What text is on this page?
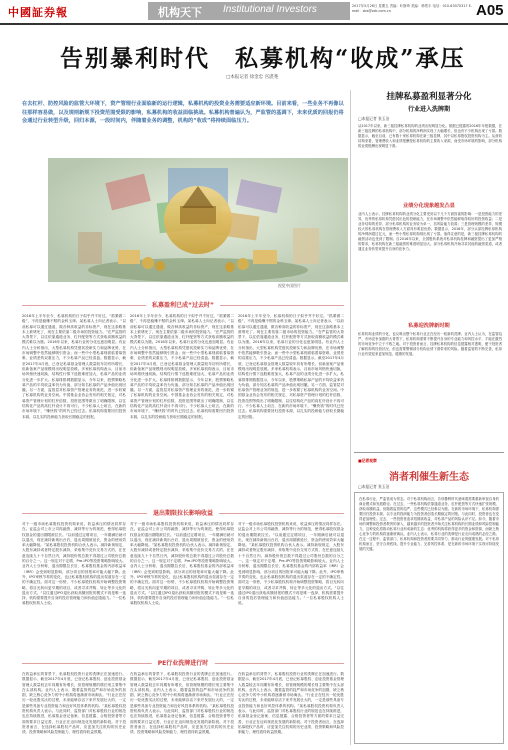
中國証券報	机构天下 Institutional Investors	2017年5月26日 星期五 责编：叶斯琦 美编：韩景丰 电话：010-63070317 E-mail：zbs@zzb.com.cn	A05
告别暴利时代　私募机构“收成”承压
□本报记者 徐金忠 宫湛荛
在去杠杆、防控风险的监管大环境下，资产管理行业面临新的运行逻辑，私募机构的投资业务需要适应新环境。目前来看，一些业务不再像以往那样容易做，以及规则新规下投资范围受限的影响，私募机构的收益面临挑战。私募机构普遍认为，严监管的基调下，未来优质的回报仍将会通过行业转型升级，回归本源，一段时间内，伴随着业务的调整，机构的“收成”将持续面临压力。
视觉中国图片
私募盈利已成“过去时”
2016年上半年至今，私募机构的日子似乎并不好过。“抓紧做二级”，不再是稳赚不赔的金科玉律。某私募人士向记者表示，“以前私募可以通过通道，做各种高收益的非标资产，现在这条路基本上被堵死了，现在主要依靠二级市场的投资能力。”在严监管的大背景下，以往依靠通道业务、杠杆配资等方式获取高额收益的模式难以为继。2016年以来，私募行业的分化也愈加明显。有业内人士分析指出，大型私募机构凭借其投研实力和品牌优势，在市场调整中依然能够吸引资金；而一些中小型私募则面临着募资难、业绩差的双重压力，不少私募产品已经清盘。数据显示，截至2017年4月底，已登记私募基金管理人数量较年初有所增长，但新备案产品规模则出现明显放缓。多家私募机构表示，目前市场风格快速切换，结构性行情下选股难度加大，私募产品的业绩分化进一步扩大。私募排排网数据显示，今年以来，股票策略私募产品的平均收益率仍为负值，部分知名私募的产品净值出现回撤。另一方面，监管层对私募资产管理业务的规范，进一步收紧了私募机构的业务空间。中国基金业协会发布的相关规定，对私募资产管理计划的杠杆倍数、投资范围等做出了明确限制，以往结构化产品的高杠杆设计不再可行。不少私募人士坦言，在新的市场环境下，“赚快钱”的时代已经过去。私募机构需要回归投资本源，以扎实的投研能力获取长期稳定的回报。
2016年上半年至今，私募机构的日子似乎并不好过。“抓紧做二级”，不再是稳赚不赔的金科玉律。某私募人士向记者表示，“以前私募可以通过通道，做各种高收益的非标资产，现在这条路基本上被堵死了，现在主要依靠二级市场的投资能力。”在严监管的大背景下，以往依靠通道业务、杠杆配资等方式获取高额收益的模式难以为继。2016年以来，私募行业的分化也愈加明显。有业内人士分析指出，大型私募机构凭借其投研实力和品牌优势，在市场调整中依然能够吸引资金；而一些中小型私募则面临着募资难、业绩差的双重压力，不少私募产品已经清盘。数据显示，截至2017年4月底，已登记私募基金管理人数量较年初有所增长，但新备案产品规模则出现明显放缓。多家私募机构表示，目前市场风格快速切换，结构性行情下选股难度加大，私募产品的业绩分化进一步扩大。私募排排网数据显示，今年以来，股票策略私募产品的平均收益率仍为负值，部分知名私募的产品净值出现回撤。另一方面，监管层对私募资产管理业务的规范，进一步收紧了私募机构的业务空间。中国基金业协会发布的相关规定，对私募资产管理计划的杠杆倍数、投资范围等做出了明确限制，以往结构化产品的高杠杆设计不再可行。不少私募人士坦言，在新的市场环境下，“赚快钱”的时代已经过去。私募机构需要回归投资本源，以扎实的投研能力获取长期稳定的回报。
2016年上半年至今，私募机构的日子似乎并不好过。“抓紧做二级”，不再是稳赚不赔的金科玉律。某私募人士向记者表示，“以前私募可以通过通道，做各种高收益的非标资产，现在这条路基本上被堵死了，现在主要依靠二级市场的投资能力。”在严监管的大背景下，以往依靠通道业务、杠杆配资等方式获取高额收益的模式难以为继。2016年以来，私募行业的分化也愈加明显。有业内人士分析指出，大型私募机构凭借其投研实力和品牌优势，在市场调整中依然能够吸引资金；而一些中小型私募则面临着募资难、业绩差的双重压力，不少私募产品已经清盘。数据显示，截至2017年4月底，已登记私募基金管理人数量较年初有所增长，但新备案产品规模则出现明显放缓。多家私募机构表示，目前市场风格快速切换，结构性行情下选股难度加大，私募产品的业绩分化进一步扩大。私募排排网数据显示，今年以来，股票策略私募产品的平均收益率仍为负值，部分知名私募的产品净值出现回撤。另一方面，监管层对私募资产管理业务的规范，进一步收紧了私募机构的业务空间。中国基金业协会发布的相关规定，对私募资产管理计划的杠杆倍数、投资范围等做出了明确限制，以往结构化产品的高杠杆设计不再可行。不少私募人士坦言，在新的市场环境下，“赚快钱”的时代已经过去。私募机构需要回归投资本源，以扎实的投研能力获取长期稳定的回报。
退出期限拉长影响收益
对于一级市场私募股权投资机构来说，收益承压的情况同样存在。证监会对上市公司再融资、减持等行为的规范，使得私募股权基金的退出期限被拉长。“以前通过定增项目，一年期满后就可以退出，现在减持新规出台后，退出周期被延长，资金的使用效率大幅降低。”某私募股权投资机构合伙人表示。减持新规规定，大股东减持或者特定股东减持，采取集中竞价交易方式的，在任意连续九十个自然日内，减持股份的总数不得超过公司股份总数的百分之一。这一规定对于定增、Pre-IPO等投资策略影响较大。业内人士分析称，退出期限拉长后，私募股权基金的内部收益率（IRR）会受到明显影响，部分项目的回报率可能大幅下降。此外，IPO审核节奏的变化，也让私募股权机构的退出渠道存在一定的不确定性。面对这一形势，不少私募股权机构开始调整投资策略，将目光转向更早期的项目，或者寻求并购、转让等多元化的退出方式。“以往通过IPO退出获取高额回报的模式不再是唯一选择，机构需要提升自身的投后管理能力和价值创造能力。”一位私募股权机构人士说。
对于一级市场私募股权投资机构来说，收益承压的情况同样存在。证监会对上市公司再融资、减持等行为的规范，使得私募股权基金的退出期限被拉长。“以前通过定增项目，一年期满后就可以退出，现在减持新规出台后，退出周期被延长，资金的使用效率大幅降低。”某私募股权投资机构合伙人表示。减持新规规定，大股东减持或者特定股东减持，采取集中竞价交易方式的，在任意连续九十个自然日内，减持股份的总数不得超过公司股份总数的百分之一。这一规定对于定增、Pre-IPO等投资策略影响较大。业内人士分析称，退出期限拉长后，私募股权基金的内部收益率（IRR）会受到明显影响，部分项目的回报率可能大幅下降。此外，IPO审核节奏的变化，也让私募股权机构的退出渠道存在一定的不确定性。面对这一形势，不少私募股权机构开始调整投资策略，将目光转向更早期的项目，或者寻求并购、转让等多元化的退出方式。“以往通过IPO退出获取高额回报的模式不再是唯一选择，机构需要提升自身的投后管理能力和价值创造能力。”一位私募股权机构人士说。
对于一级市场私募股权投资机构来说，收益承压的情况同样存在。证监会对上市公司再融资、减持等行为的规范，使得私募股权基金的退出期限被拉长。“以前通过定增项目，一年期满后就可以退出，现在减持新规出台后，退出周期被延长，资金的使用效率大幅降低。”某私募股权投资机构合伙人表示。减持新规规定，大股东减持或者特定股东减持，采取集中竞价交易方式的，在任意连续九十个自然日内，减持股份的总数不得超过公司股份总数的百分之一。这一规定对于定增、Pre-IPO等投资策略影响较大。业内人士分析称，退出期限拉长后，私募股权基金的内部收益率（IRR）会受到明显影响，部分项目的回报率可能大幅下降。此外，IPO审核节奏的变化，也让私募股权机构的退出渠道存在一定的不确定性。面对这一形势，不少私募股权机构开始调整投资策略，将目光转向更早期的项目，或者寻求并购、转让等多元化的退出方式。“以往通过IPO退出获取高额回报的模式不再是唯一选择，机构需要提升自身的投后管理能力和价值创造能力。”一位私募股权机构人士说。
PE行业洗牌进行时
在收益承压的背景下，私募股权投资行业的洗牌正在加速进行。数据显示，截至2017年4月底，已登记私募股权、创业投资基金管理人数量较去年同期有所增长，但管理规模的增长则主要集中在头部机构。业内人士表示，随着监管的趋严和市场竞争的加剧，缺乏核心竞争力的中小机构将逐渐被市场淘汰。“行业正在经历一轮优胜劣汰的过程，未来能够存活下来并发展壮大的，一定是那些具备专业投资能力和良好风控体系的机构。”某私募股权投资机构负责人表示。与此同时，监管部门对私募股权行业的规范也在持续推进，私募基金登记备案、信息披露、合格投资者等方面的要求日益完善，行业正在迈向规范化发展的新阶段。对于投资者而言，在选择私募股权产品时，应更加关注机构的历史业绩、投资策略和风险控制能力，理性看待收益预期。
在收益承压的背景下，私募股权投资行业的洗牌正在加速进行。数据显示，截至2017年4月底，已登记私募股权、创业投资基金管理人数量较去年同期有所增长，但管理规模的增长则主要集中在头部机构。业内人士表示，随着监管的趋严和市场竞争的加剧，缺乏核心竞争力的中小机构将逐渐被市场淘汰。“行业正在经历一轮优胜劣汰的过程，未来能够存活下来并发展壮大的，一定是那些具备专业投资能力和良好风控体系的机构。”某私募股权投资机构负责人表示。与此同时，监管部门对私募股权行业的规范也在持续推进，私募基金登记备案、信息披露、合格投资者等方面的要求日益完善，行业正在迈向规范化发展的新阶段。对于投资者而言，在选择私募股权产品时，应更加关注机构的历史业绩、投资策略和风险控制能力，理性看待收益预期。
在收益承压的背景下，私募股权投资行业的洗牌正在加速进行。数据显示，截至2017年4月底，已登记私募股权、创业投资基金管理人数量较去年同期有所增长，但管理规模的增长则主要集中在头部机构。业内人士表示，随着监管的趋严和市场竞争的加剧，缺乏核心竞争力的中小机构将逐渐被市场淘汰。“行业正在经历一轮优胜劣汰的过程，未来能够存活下来并发展壮大的，一定是那些具备专业投资能力和良好风控体系的机构。”某私募股权投资机构负责人表示。与此同时，监管部门对私募股权行业的规范也在持续推进，私募基金登记备案、信息披露、合格投资者等方面的要求日益完善，行业正在迈向规范化发展的新阶段。对于投资者而言，在选择私募股权产品时，应更加关注机构的历史业绩、投资策略和风险控制能力，理性看待收益预期。
挂牌私募盈利显著分化
行业进入洗牌期
□本报记者 张玉洁
从2017年以来，新三板挂牌私募机构的业绩出现明显分化。根据已披露的2016年年报数据，在新三板挂牌的私募机构中，部分机构的净利润实现了大幅增长，但也有不少机构出现了亏损。数据显示，截至目前，已有数十家私募机构在新三板挂牌，其中以私募股权投资机构为主。从营收结构来看，管理费收入和业绩报酬是私募机构的主要收入来源，而受市场环境的影响，部分机构的业绩报酬出现明显下滑。
业绩分化现象越发凸显
业内人士表示，挂牌私募机构的业绩分化主要受到以下几个方面因素的影响：一是投资能力的差异，优秀的私募机构凭借其出色的投研能力，在市场调整中依然能够取得较好的投资收益；二是业务结构的差异，部分私募机构的业务较为单一，抗风险能力较弱；三是管理规模的差异，规模较大的私募机构在管理费收入方面具有明显优势。数据显示，2016年，部分头部挂牌私募机构的净利润超过亿元，而一些小型私募机构则出现了亏损。值得注意的是，新三板挂牌私募机构的融资活动也受到了限制。自2016年以来，全国股转系统对私募机构挂牌和融资提出了更加严格的要求，私募机构在新三板融资的难度明显加大。部分私募机构开始寻求其他的融资渠道，或者通过业务转型来提升自身的竞争力。
私募迎洗牌新时期
私募机构业绩的分化，也反映出整个私募行业正在经历一轮新的洗牌。业内人士认为，在监管趋严、市场竞争加剧的大背景下，私募机构需要不断提升自身的专业能力和风控水平，才能在激烈的市场竞争中立于不败之地。对于投资者而言，挂牌私募机构的信息披露相对透明，便于投资者了解机构的经营状况，但也需要警惕部分机构业绩下滑带来的风险。随着监管的不断完善，私募行业有望迎来更加规范、健康的发展。
■记者观察
消者利催生新生态
□本报记者 张玉洁
在私募行业，严监管成为常态。对于私募机构而言，告别暴利时代意味着需要重新审视自身的商业模式和发展路径。在过去，一些私募机构依靠通道业务、杠杆配资等方式快速扩张规模，获取高额收益。但随着监管的趋严，这些模式已经难以为继。在新的市场环境下，私募机构需要回归投资本源，以专业的投研能力为投资者创造长期稳定的回报。与此同时，投资者也在变得更加理性。过去，一些投资者追求短期高收益，对私募产品的风险认识不足。如今，随着市场的调整和投资者教育的深入，越来越多的投资者开始关注私募机构的长期业绩和风险控制能力。这种变化将推动私募行业形成新的生态：优秀的机构将获得更多的资金和资源，而缺乏核心竞争力的机构将逐渐被淘汰。业内人士表示，私募行业的洗牌是行业走向成熟的必经之路。在这一过程中，监管部门、私募机构和投资者需要共同努力，推动行业的健康发展。对于私募机构而言，坚守合规底线、提升专业能力、完善风控体系，是在新的市场环境下实现可持续发展的关键。
